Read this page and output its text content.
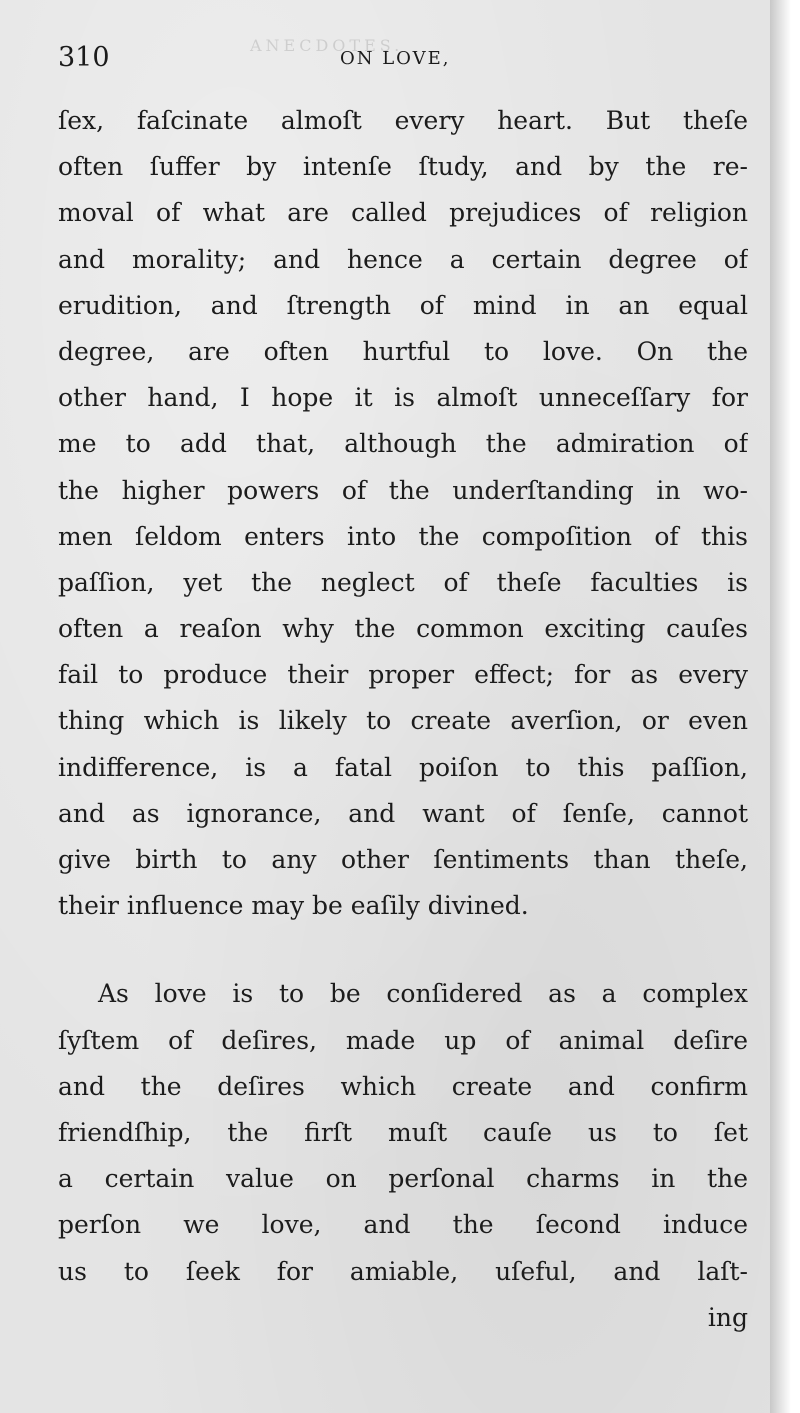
ANECDOTES.
310	ON LOVE,
ſex, faſcinate almoſt every heart. But theſe
often ſuffer by intenſe ſtudy, and by the re-
moval of what are called prejudices of religion
and morality; and hence a certain degree of
erudition, and ſtrength of mind in an equal
degree, are often hurtful to love. On the
other hand, I hope it is almoſt unneceſſary for
me to add that, although the admiration of
the higher powers of the underſtanding in wo-
men ſeldom enters into the compoſition of this
paſſion, yet the neglect of theſe faculties is
often a reaſon why the common exciting cauſes
fail to produce their proper effect; for as every
thing which is likely to create averſion, or even
indifference, is a fatal poiſon to this paſſion,
and as ignorance, and want of ſenſe, cannot
give birth to any other ſentiments than theſe,
their influence may be eaſily divined.
As love is to be conſidered as a complex
ſyſtem of deſires, made up of animal deſire
and the deſires which create and confirm
friendſhip, the firſt muſt cauſe us to ſet
a certain value on perſonal charms in the
perſon we love, and the ſecond induce
us to ſeek for amiable, uſeful, and laſt-
ing
